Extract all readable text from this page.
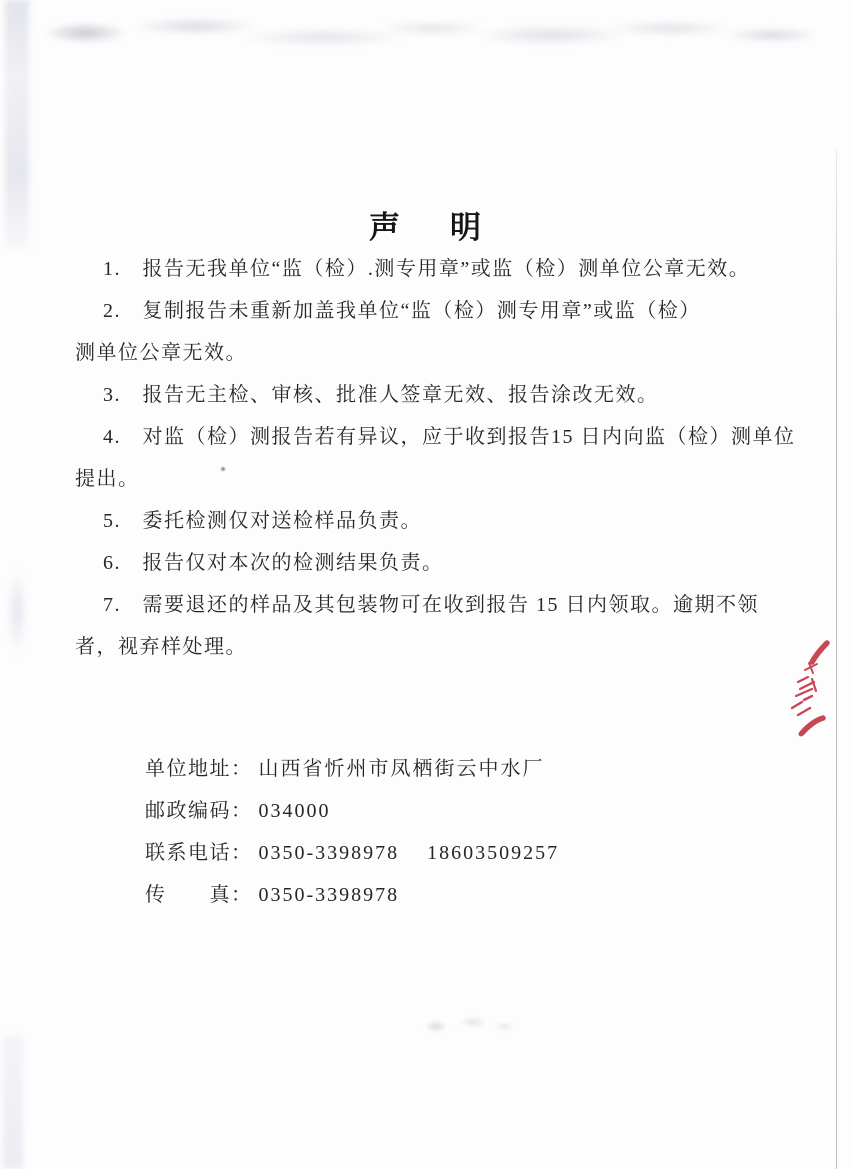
声 明
1.　报告无我单位“监（检）.测专用章”或监（检）测单位公章无效。
2.　复制报告未重新加盖我单位“监（检）测专用章”或监（检）
测单位公章无效。
3.　报告无主检、审核、批准人签章无效、报告涂改无效。
4.　对监（检）测报告若有异议，应于收到报告15 日内向监（检）测单位
提出。
5.　委托检测仅对送检样品负责。
6.　报告仅对本次的检测结果负责。
7.　需要退还的样品及其包装物可在收到报告 15 日内领取。逾期不领
者，视弃样处理。

单位地址： 山西省忻州市凤栖街云中水厂

邮政编码： 034000

联系电话： 0350-3398978    18603509257

传　　真： 0350-3398978
